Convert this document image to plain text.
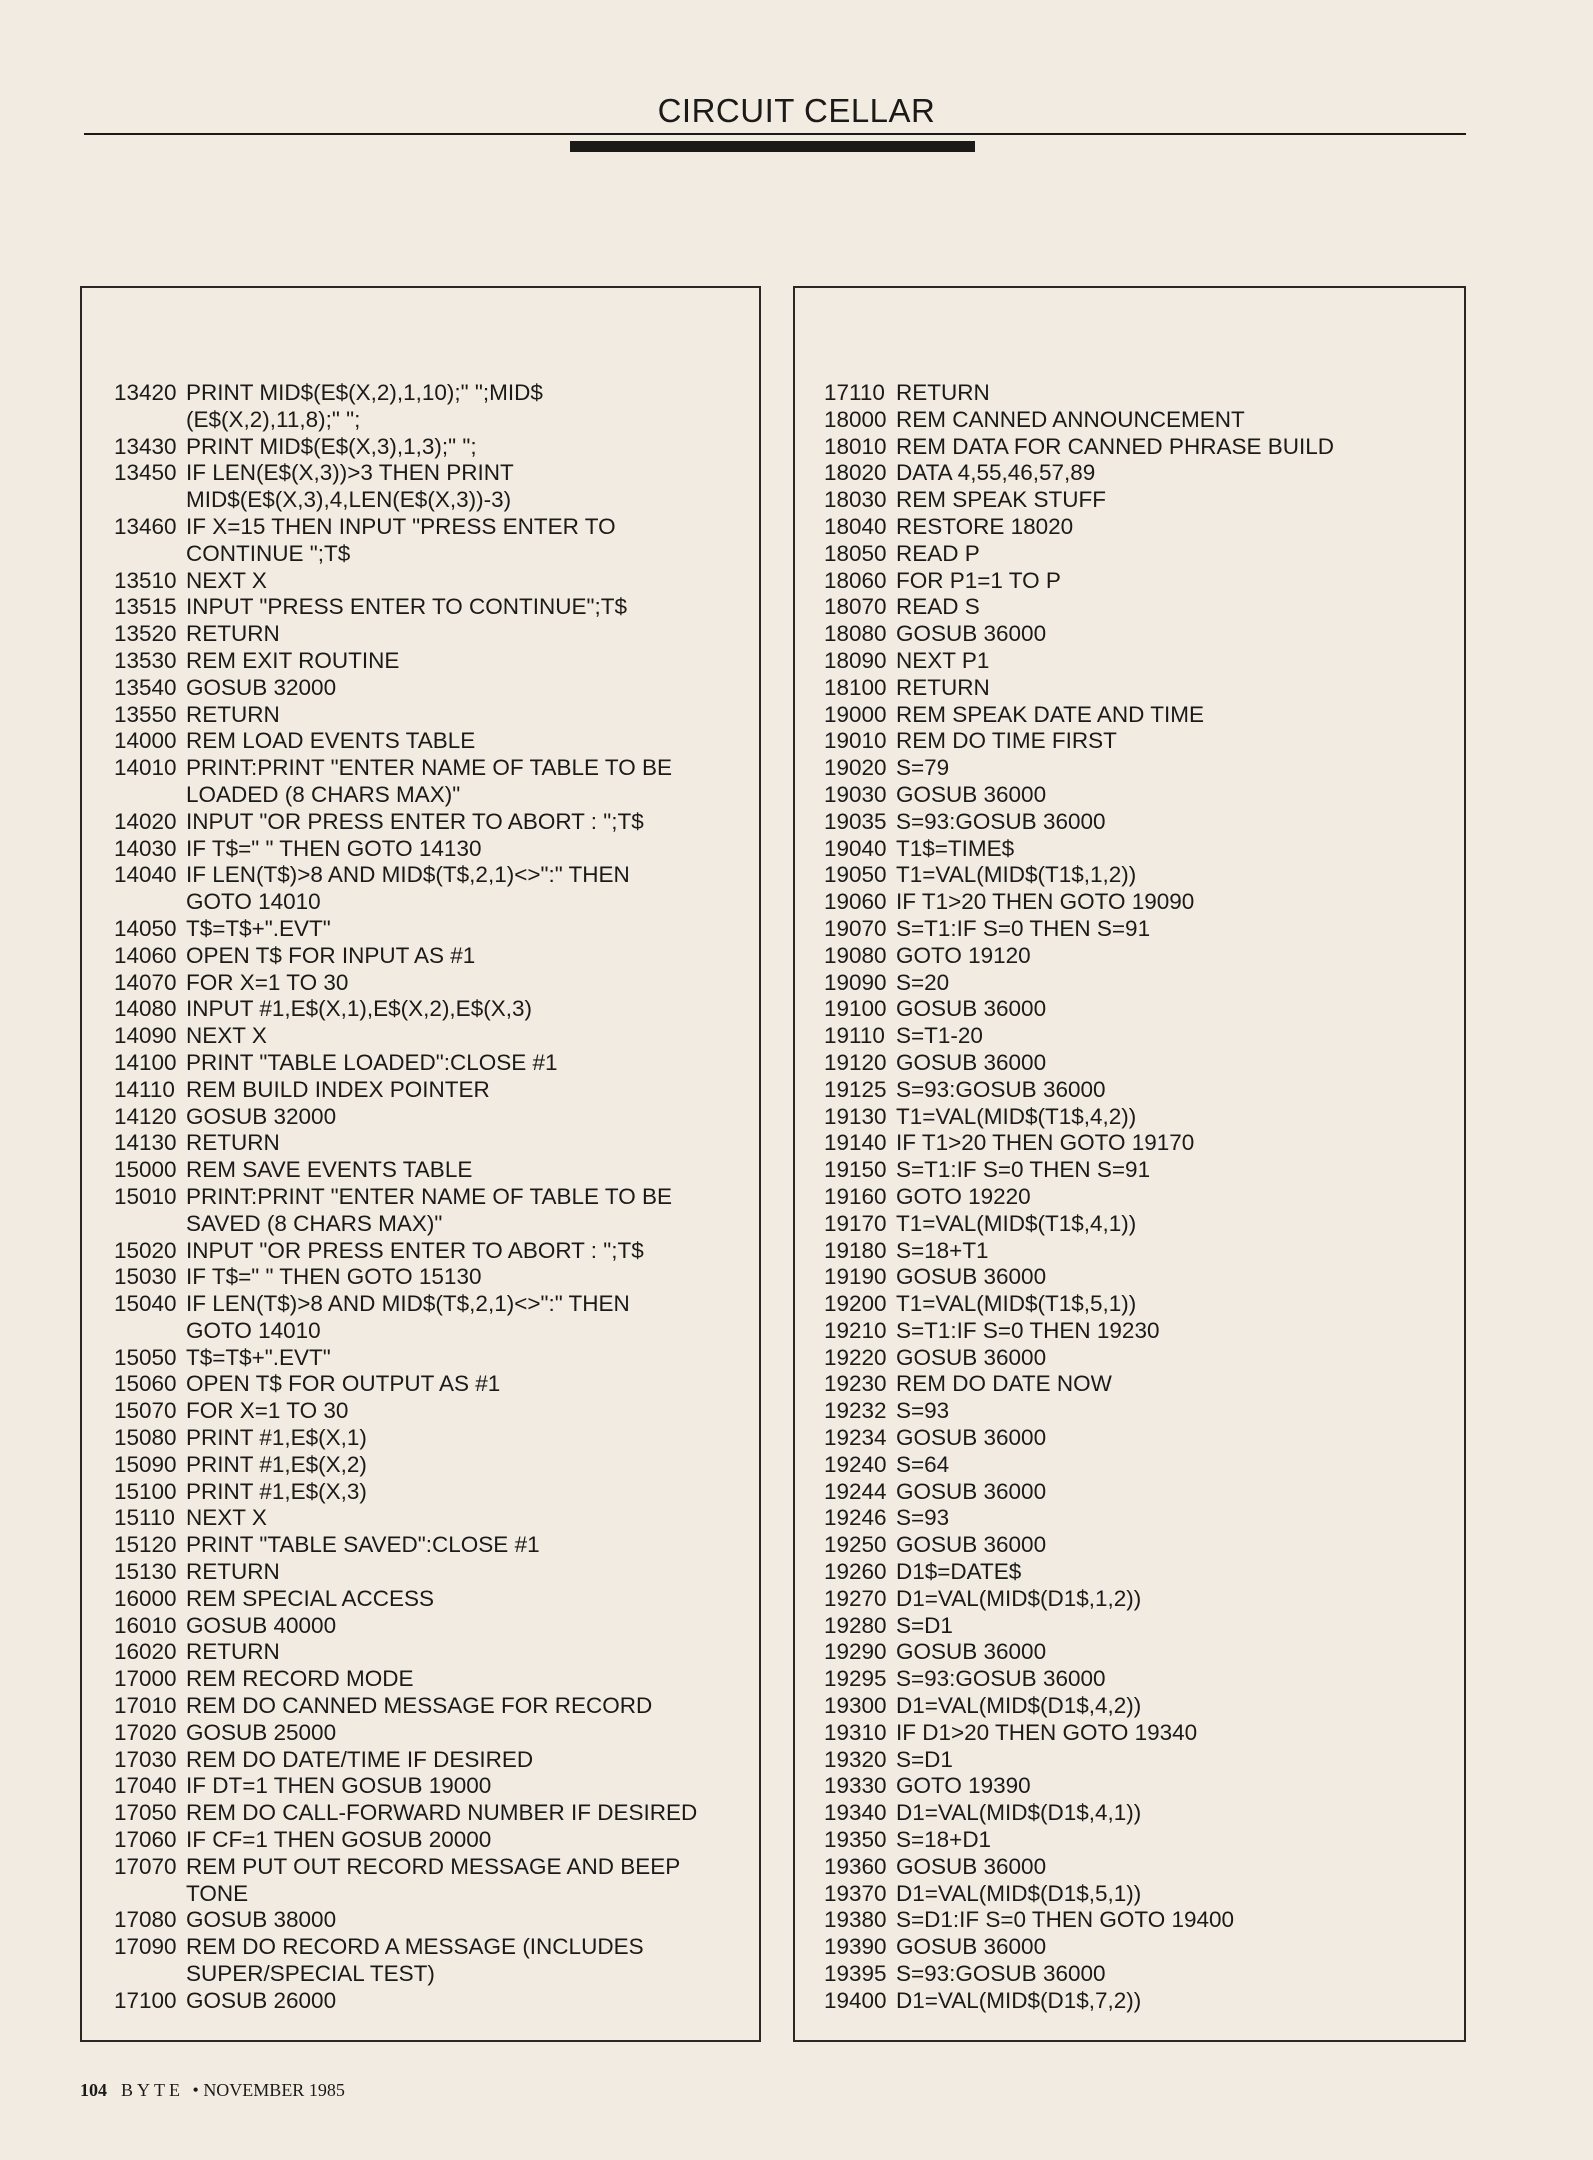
CIRCUIT CELLAR
13420 PRINT MID$(E$(X,2),1,10);" ";MID$
(E$(X,2),11,8);" ";
13430 PRINT MID$(E$(X,3),1,3);" ";
13450 IF LEN(E$(X,3))>3 THEN PRINT
MID$(E$(X,3),4,LEN(E$(X,3))-3)
13460 IF X=15 THEN INPUT "PRESS ENTER TO
CONTINUE ";T$
13510 NEXT X
13515 INPUT "PRESS ENTER TO CONTINUE";T$
13520 RETURN
13530 REM EXIT ROUTINE
13540 GOSUB 32000
13550 RETURN
14000 REM LOAD EVENTS TABLE
14010 PRINT:PRINT "ENTER NAME OF TABLE TO BE
LOADED (8 CHARS MAX)"
14020 INPUT "OR PRESS ENTER TO ABORT : ";T$
14030 IF T$=" " THEN GOTO 14130
14040 IF LEN(T$)>8 AND MID$(T$,2,1)<>":" THEN
GOTO 14010
14050 T$=T$+".EVT"
14060 OPEN T$ FOR INPUT AS #1
14070 FOR X=1 TO 30
14080 INPUT #1,E$(X,1),E$(X,2),E$(X,3)
14090 NEXT X
14100 PRINT "TABLE LOADED":CLOSE #1
14110 REM BUILD INDEX POINTER
14120 GOSUB 32000
14130 RETURN
15000 REM SAVE EVENTS TABLE
15010 PRINT:PRINT "ENTER NAME OF TABLE TO BE
SAVED (8 CHARS MAX)"
15020 INPUT "OR PRESS ENTER TO ABORT : ";T$
15030 IF T$=" " THEN GOTO 15130
15040 IF LEN(T$)>8 AND MID$(T$,2,1)<>":" THEN
GOTO 14010
15050 T$=T$+".EVT"
15060 OPEN T$ FOR OUTPUT AS #1
15070 FOR X=1 TO 30
15080 PRINT #1,E$(X,1)
15090 PRINT #1,E$(X,2)
15100 PRINT #1,E$(X,3)
15110 NEXT X
15120 PRINT "TABLE SAVED":CLOSE #1
15130 RETURN
16000 REM SPECIAL ACCESS
16010 GOSUB 40000
16020 RETURN
17000 REM RECORD MODE
17010 REM DO CANNED MESSAGE FOR RECORD
17020 GOSUB 25000
17030 REM DO DATE/TIME IF DESIRED
17040 IF DT=1 THEN GOSUB 19000
17050 REM DO CALL-FORWARD NUMBER IF DESIRED
17060 IF CF=1 THEN GOSUB 20000
17070 REM PUT OUT RECORD MESSAGE AND BEEP
TONE
17080 GOSUB 38000
17090 REM DO RECORD A MESSAGE (INCLUDES
SUPER/SPECIAL TEST)
17100 GOSUB 26000
17110 RETURN
18000 REM CANNED ANNOUNCEMENT
18010 REM DATA FOR CANNED PHRASE BUILD
18020 DATA 4,55,46,57,89
18030 REM SPEAK STUFF
18040 RESTORE 18020
18050 READ P
18060 FOR P1=1 TO P
18070 READ S
18080 GOSUB 36000
18090 NEXT P1
18100 RETURN
19000 REM SPEAK DATE AND TIME
19010 REM DO TIME FIRST
19020 S=79
19030 GOSUB 36000
19035 S=93:GOSUB 36000
19040 T1$=TIME$
19050 T1=VAL(MID$(T1$,1,2))
19060 IF T1>20 THEN GOTO 19090
19070 S=T1:IF S=0 THEN S=91
19080 GOTO 19120
19090 S=20
19100 GOSUB 36000
19110 S=T1-20
19120 GOSUB 36000
19125 S=93:GOSUB 36000
19130 T1=VAL(MID$(T1$,4,2))
19140 IF T1>20 THEN GOTO 19170
19150 S=T1:IF S=0 THEN S=91
19160 GOTO 19220
19170 T1=VAL(MID$(T1$,4,1))
19180 S=18+T1
19190 GOSUB 36000
19200 T1=VAL(MID$(T1$,5,1))
19210 S=T1:IF S=0 THEN 19230
19220 GOSUB 36000
19230 REM DO DATE NOW
19232 S=93
19234 GOSUB 36000
19240 S=64
19244 GOSUB 36000
19246 S=93
19250 GOSUB 36000
19260 D1$=DATE$
19270 D1=VAL(MID$(D1$,1,2))
19280 S=D1
19290 GOSUB 36000
19295 S=93:GOSUB 36000
19300 D1=VAL(MID$(D1$,4,2))
19310 IF D1>20 THEN GOTO 19340
19320 S=D1
19330 GOTO 19390
19340 D1=VAL(MID$(D1$,4,1))
19350 S=18+D1
19360 GOSUB 36000
19370 D1=VAL(MID$(D1$,5,1))
19380 S=D1:IF S=0 THEN GOTO 19400
19390 GOSUB 36000
19395 S=93:GOSUB 36000
19400 D1=VAL(MID$(D1$,7,2))
104 BYTE • NOVEMBER 1985
